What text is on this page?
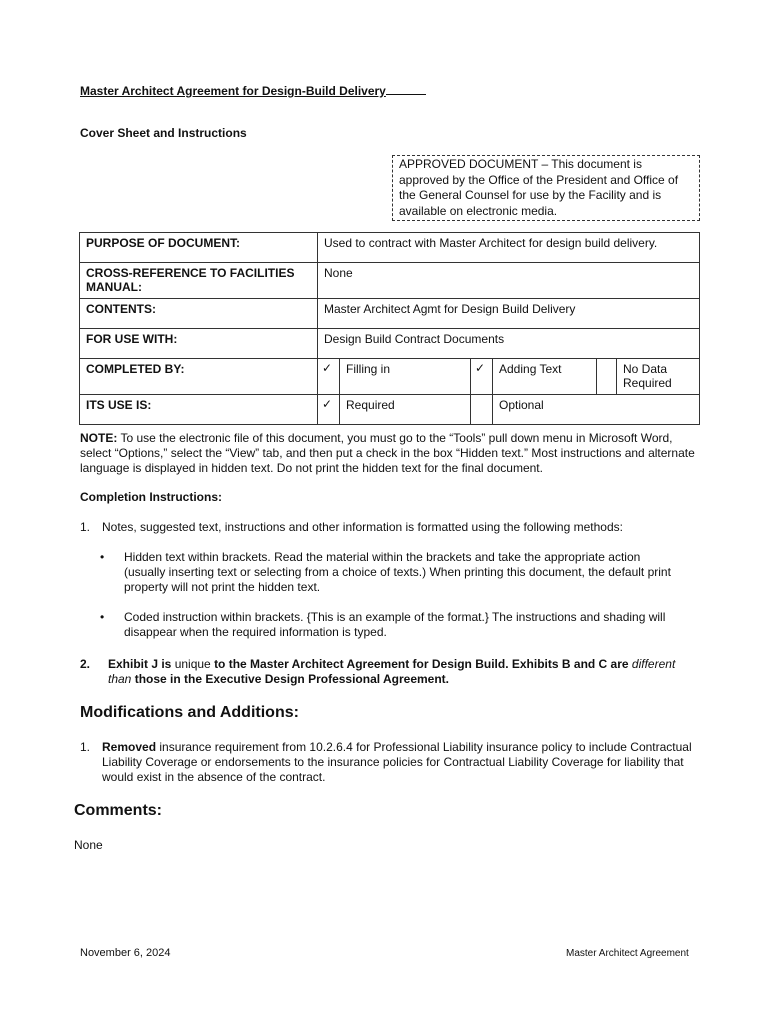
Master Architect Agreement for Design-Build Delivery
Cover Sheet and Instructions
APPROVED DOCUMENT – This document is approved by the Office of the President and Office of the General Counsel for use by the Facility and is available on electronic media.
PURPOSE OF DOCUMENT:	Used to contract with Master Architect for design build delivery.					
CROSS-REFERENCE TO FACILITIES MANUAL:	None					
CONTENTS:	Master Architect Agmt for Design Build Delivery					
FOR USE WITH:	Design Build Contract Documents					
COMPLETED BY:	✓	Filling in	✓	Adding Text		No Data Required
ITS USE IS:	✓	Required		Optional		
NOTE: To use the electronic file of this document, you must go to the “Tools” pull down menu in Microsoft Word, select “Options,” select the “View” tab, and then put a check in the box “Hidden text.” Most instructions and alternate language is displayed in hidden text. Do not print the hidden text for the final document.
Completion Instructions:
1. Notes, suggested text, instructions and other information is formatted using the following methods:
• Hidden text within brackets. Read the material within the brackets and take the appropriate action (usually inserting text or selecting from a choice of texts.) When printing this document, the default print property will not print the hidden text.
• Coded instruction within brackets. {This is an example of the format.} The instructions and shading will disappear when the required information is typed.
2. Exhibit J is unique to the Master Architect Agreement for Design Build. Exhibits B and C are different than those in the Executive Design Professional Agreement.
Modifications and Additions:
1. Removed insurance requirement from 10.2.6.4 for Professional Liability insurance policy to include Contractual Liability Coverage or endorsements to the insurance policies for Contractual Liability Coverage for liability that would exist in the absence of the contract.
Comments:
None
November 6, 2024	Master Architect Agreement
